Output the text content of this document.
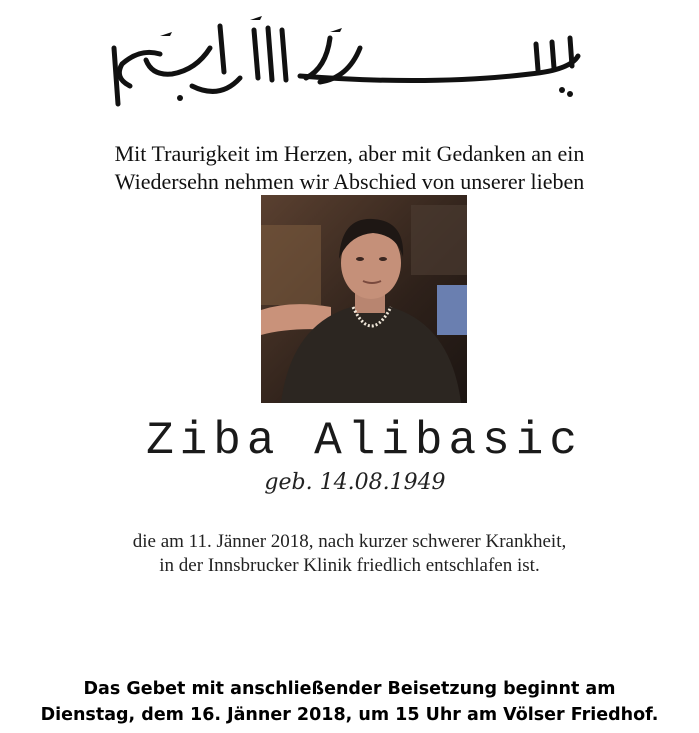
Mit Traurigkeit im Herzen, aber mit Gedanken an ein
Wiedersehn nehmen wir Abschied von unserer lieben
Ziba Alibasic
geb. 14.08.1949
die am 11. Jänner 2018, nach kurzer schwerer Krankheit,
in der Innsbrucker Klinik friedlich entschlafen ist.
Das Gebet mit anschließender Beisetzung beginnt am
Dienstag, dem 16. Jänner 2018, um 15 Uhr am Völser Friedhof.
